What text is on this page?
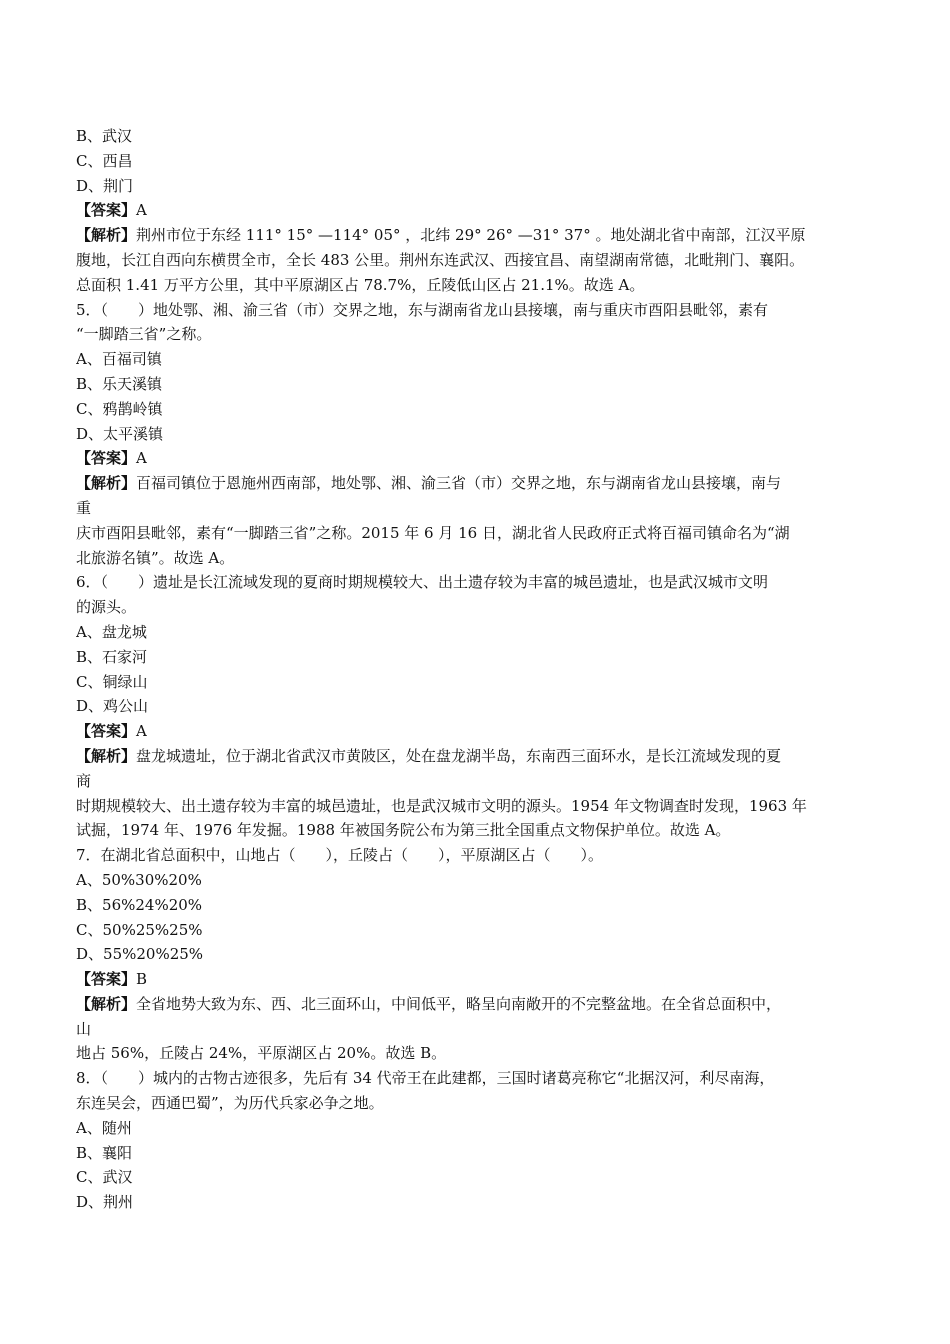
B、武汉
C、西昌
D、荆门
【答案】A
【解析】荆州市位于东经 111° 15° —114° 05° ，北纬 29° 26° —31° 37° 。地处湖北省中南部，江汉平原
腹地，长江自西向东横贯全市，全长 483 公里。荆州东连武汉、西接宜昌、南望湖南常德，北毗荆门、襄阳。
总面积 1.41 万平方公里，其中平原湖区占 78.7%，丘陵低山区占 21.1%。故选 A。
5．（　　）地处鄂、湘、渝三省（市）交界之地，东与湖南省龙山县接壤，南与重庆市酉阳县毗邻，素有
“一脚踏三省”之称。
A、百福司镇
B、乐天溪镇
C、鸦鹊岭镇
D、太平溪镇
【答案】A
【解析】百福司镇位于恩施州西南部，地处鄂、湘、渝三省（市）交界之地，东与湖南省龙山县接壤，南与
重
庆市酉阳县毗邻，素有“一脚踏三省”之称。2015 年 6 月 16 日，湖北省人民政府正式将百福司镇命名为“湖
北旅游名镇”。故选 A。
6．（　　）遗址是长江流域发现的夏商时期规模较大、出土遗存较为丰富的城邑遗址，也是武汉城市文明
的源头。
A、盘龙城
B、石家河
C、铜绿山
D、鸡公山
【答案】A
【解析】盘龙城遗址，位于湖北省武汉市黄陂区，处在盘龙湖半岛，东南西三面环水，是长江流域发现的夏
商
时期规模较大、出土遗存较为丰富的城邑遗址，也是武汉城市文明的源头。1954 年文物调查时发现，1963 年
试掘，1974 年、1976 年发掘。1988 年被国务院公布为第三批全国重点文物保护单位。故选 A。
7．在湖北省总面积中，山地占（　　），丘陵占（　　），平原湖区占（　　）。
A、50%30%20%
B、56%24%20%
C、50%25%25%
D、55%20%25%
【答案】B
【解析】全省地势大致为东、西、北三面环山，中间低平，略呈向南敞开的不完整盆地。在全省总面积中，
山
地占 56%，丘陵占 24%，平原湖区占 20%。故选 B。
8．（　　）城内的古物古迹很多，先后有 34 代帝王在此建都，三国时诸葛亮称它“北据汉河，利尽南海，
东连吴会，西通巴蜀”，为历代兵家必争之地。
A、随州
B、襄阳
C、武汉
D、荆州
